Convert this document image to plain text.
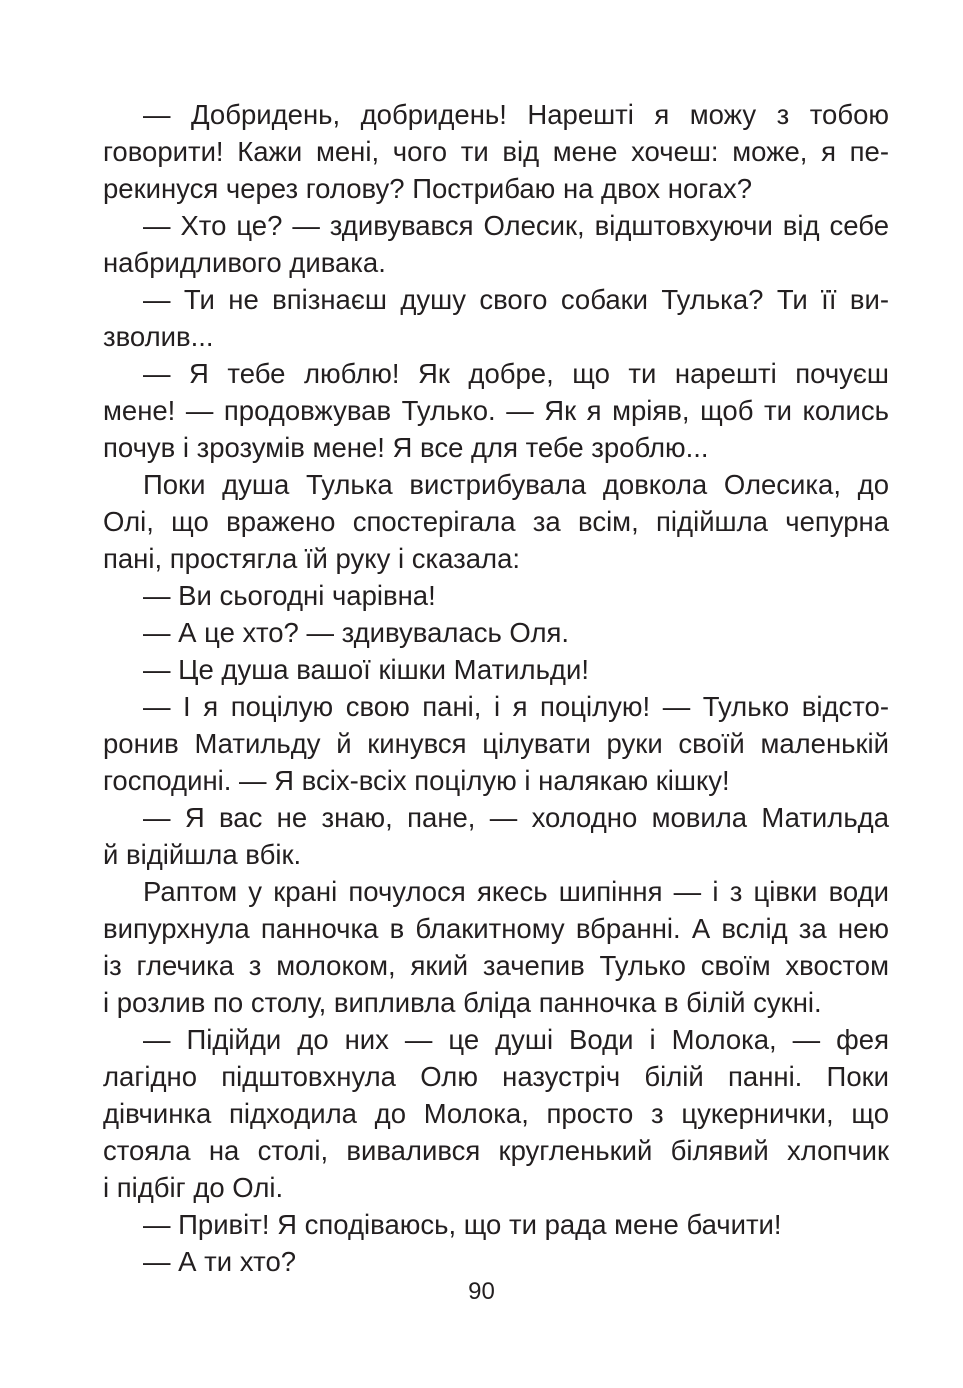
— Добридень, добридень! Нарешті я можу з тобою
говорити! Кажи мені, чого ти від мене хочеш: може, я пе-
рекинуся через голову? Пострибаю на двох ногах?
— Хто це? — здивувався Олесик, відштовхуючи від себе
набридливого дивака.
— Ти не впізнаєш душу свого собаки Тулька? Ти її ви-
зволив...
— Я тебе люблю! Як добре, що ти нарешті почуєш
мене! — продовжував Тулько. — Як я мріяв, щоб ти колись
почув і зрозумів мене! Я все для тебе зроблю...
Поки душа Тулька вистрибувала довкола Олесика, до
Олі, що вражено спостерігала за всім, підійшла чепурна
пані, простягла їй руку і сказала:
— Ви сьогодні чарівна!
— А це хто? — здивувалась Оля.
— Це душа вашої кішки Матильди!
— І я поцілую свою пані, і я поцілую! — Тулько відсто-
ронив Матильду й кинувся цілувати руки своїй маленькій
господині. — Я всіх-всіх поцілую і налякаю кішку!
— Я вас не знаю, пане, — холодно мовила Матильда
й відійшла вбік.
Раптом у крані почулося якесь шипіння — і з цівки води
випурхнула панночка в блакитному вбранні. А вслід за нею
із глечика з молоком, який зачепив Тулько своїм хвостом
і розлив по столу, випливла бліда панночка в білій сукні.
— Підійди до них — це душі Води і Молока, — фея
лагідно підштовхнула Олю назустріч білій панні. Поки
дівчинка підходила до Молока, просто з цукернички, що
стояла на столі, вивалився кругленький білявий хлопчик
і підбіг до Олі.
— Привіт! Я сподіваюсь, що ти рада мене бачити!
— А ти хто?
90
